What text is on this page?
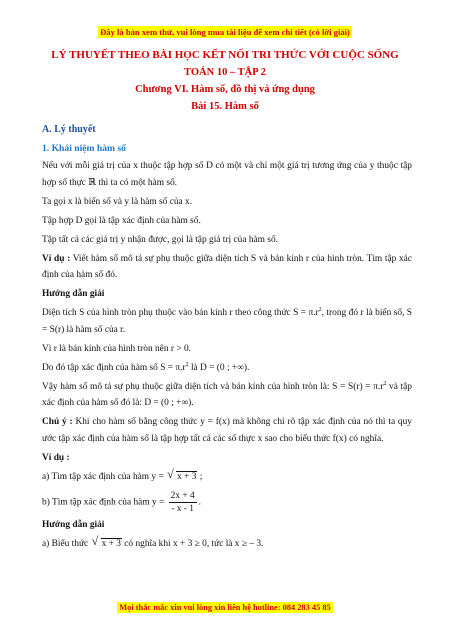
Đây là bản xem thử, vui lòng mua tài liệu để xem chi tiết (có lời giải)
LÝ THUYẾT THEO BÀI HỌC KẾT NỐI TRI THỨC VỚI CUỘC SỐNG
TOÁN 10 – TẬP 2
Chương VI. Hàm số, đồ thị và ứng dụng
Bài 15. Hàm số
A. Lý thuyết
1. Khái niệm hàm số

Nếu với mỗi giá trị của x thuộc tập hợp số D có một và chỉ một giá trị tương ứng của y thuộc tập hợp số thực ℝ thì ta có một hàm số.

Ta gọi x là biến số và y là hàm số của x.

Tập hợp D gọi là tập xác định của hàm số.

Tập tất cả các giá trị y nhận được, gọi là tập giá trị của hàm số.

Ví dụ : Viết hàm số mô tả sự phụ thuộc giữa diện tích S và bán kính r của hình tròn. Tìm tập xác định của hàm số đó.

Hướng dẫn giải

Diện tích S của hình tròn phụ thuộc vào bán kính r theo công thức $S = \pi.r^2$, trong đó r là biến số, S = S(r) là hàm số của r.

Vì r là bán kính của hình tròn nên r > 0.

Do đó tập xác định của hàm số $S = \pi.r^2$ là D = (0 ; +∞).

Vậy hàm số mô tả sự phụ thuộc giữa diện tích và bán kính của hình tròn là: $S = S(r) = \pi.r^2$ và tập xác định của hàm số đó là: D = (0 ; +∞).

Chú ý : Khi cho hàm số bằng công thức y = f(x) mà không chỉ rõ tập xác định của nó thì ta quy ước tập xác định của hàm số là tập hợp tất cả các số thực x sao cho biểu thức f(x) có nghĩa.

Ví dụ :

a) Tìm tập xác định của hàm y = √ x + 3 ;
b) Tìm tập xác định của hàm $y = \frac{2x + 4}{- x - 1}$ .

Hướng dẫn giải

a) Biểu thức √ x + 3 có nghĩa khi x + 3 ≥ 0, tức là x ≥ – 3.
Mọi thắc mắc xin vui lòng xin liên hệ hotline: 084 283 45 85
